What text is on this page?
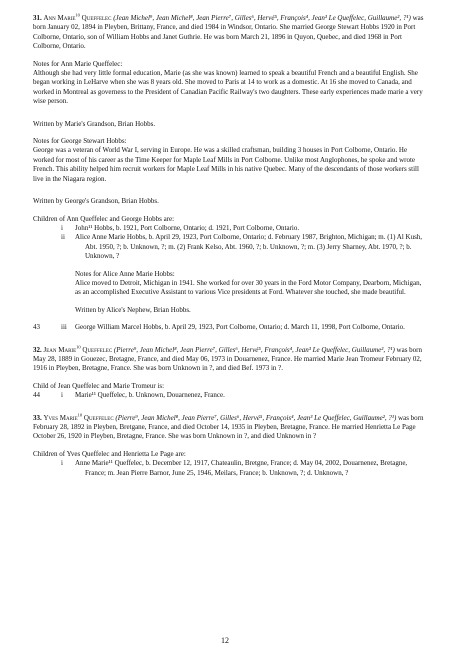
31. Ann Marie$^{10}$ Queffelec (Jean Michel⁹, Jean Michel⁸, Jean Pierre⁷, Gilles⁶, Hervé⁵, François⁴, Jean³ Le Queffelec, Guillaume², ?¹) was born January 02, 1894 in Pleyben, Brittany, France, and died 1984 in Windsor, Ontario. She married George Stewart Hobbs 1920 in Port Colborne, Ontario, son of William Hobbs and Janet Guthrie. He was born March 21, 1896 in Quyon, Quebec, and died 1968 in Port Colborne, Ontario.

Notes for Ann Marie Queffelec:

Although she had very little formal education, Marie (as she was known) learned to speak a beautiful French and a beautiful English. She began working in LeHarve when she was 8 years old. She moved to Paris at 14 to work as a domestic. At 16 she moved to Canada, and worked in Montreal as governess to the President of Canadian Pacific Railway's two daughters. These early experiences made marie a very wise person.

Written by Marie's Grandson, Brian Hobbs.

Notes for George Stewart Hobbs:

George was a veteran of World War I, serving in Europe. He was a skilled craftsman, building 3 houses in Port Colborne, Ontario. He worked for most of his career as the Time Keeper for Maple Leaf Mills in Port Colborne. Unlike most Anglophones, he spoke and wrote French. This ability helped him recruit workers for Maple Leaf Mills in his native Quebec. Many of the descendants of those workers still live in the Niagara region.

Written by George's Grandson, Brian Hobbs.

Children of Ann Queffelec and George Hobbs are:

i John¹¹ Hobbs, b. 1921, Port Colborne, Ontario; d. 1921, Port Colborne, Ontario.

ii Alice Anne Marie Hobbs, b. April 29, 1923, Port Colborne, Ontario; d. February 1987, Brighton, Michigan; m. (1) Al Kush, Abt. 1950, ?; b. Unknown, ?; m. (2) Frank Kelso, Abt. 1960, ?; b. Unknown, ?; m. (3) Jerry Sharney, Abt. 1970, ?; b. Unknown, ?

Notes for Alice Anne Marie Hobbs:

Alice moved to Detroit, Michigan in 1941. She worked for over 30 years in the Ford Motor Company, Dearborn, Michigan, as an accomplished Executive Assistant to various Vice presidents at Ford. Whatever she touched, she made beautiful.

Written by Alice's Nephew, Brian Hobbs.

43	iii George William Marcel Hobbs, b. April 29, 1923, Port Colborne, Ontario; d. March 11, 1998, Port Colborne, Ontario.

32. Jean Marie$^{10}$ Queffelec (Pierre⁹, Jean Michel⁸, Jean Pierre⁷, Gilles⁶, Hervé⁵, François⁴, Jean³ Le Queffelec, Guillaume², ?¹) was born May 28, 1889 in Gouezec, Bretagne, France, and died May 06, 1973 in Douarnenez, France. He married Marie Jean Tromeur February 02, 1916 in Pleyben, Bretagne, France. She was born Unknown in ?, and died Bef. 1973 in ?.

Child of Jean Queffelec and Marie Tromeur is:

44	i Marie¹¹ Queffelec, b. Unknown, Douarnenez, France.

33. Yves Marie$^{10}$ Queffelec (Pierre⁹, Jean Michel⁸, Jean Pierre⁷, Gilles⁶, Hervé⁵, François⁴, Jean³ Le Queffelec, Guillaume², ?¹) was born February 28, 1892 in Pleyben, Bretgane, France, and died October 14, 1935 in Pleyben, Bretagne, France. He married Henrietta Le Page October 26, 1920 in Pleyben, Bretagne, France. She was born Unknown in ?, and died Unknown in ?

Children of Yves Queffelec and Henrietta Le Page are:

i Anne Marie¹¹ Queffelec, b. December 12, 1917, Chateaulin, Bretgne, France; d. May 04, 2002, Douarnenez, Bretagne, France; m. Jean Pierre Barnor, June 25, 1946, Meilars, France; b. Unknown, ?; d. Unknown, ?

12
